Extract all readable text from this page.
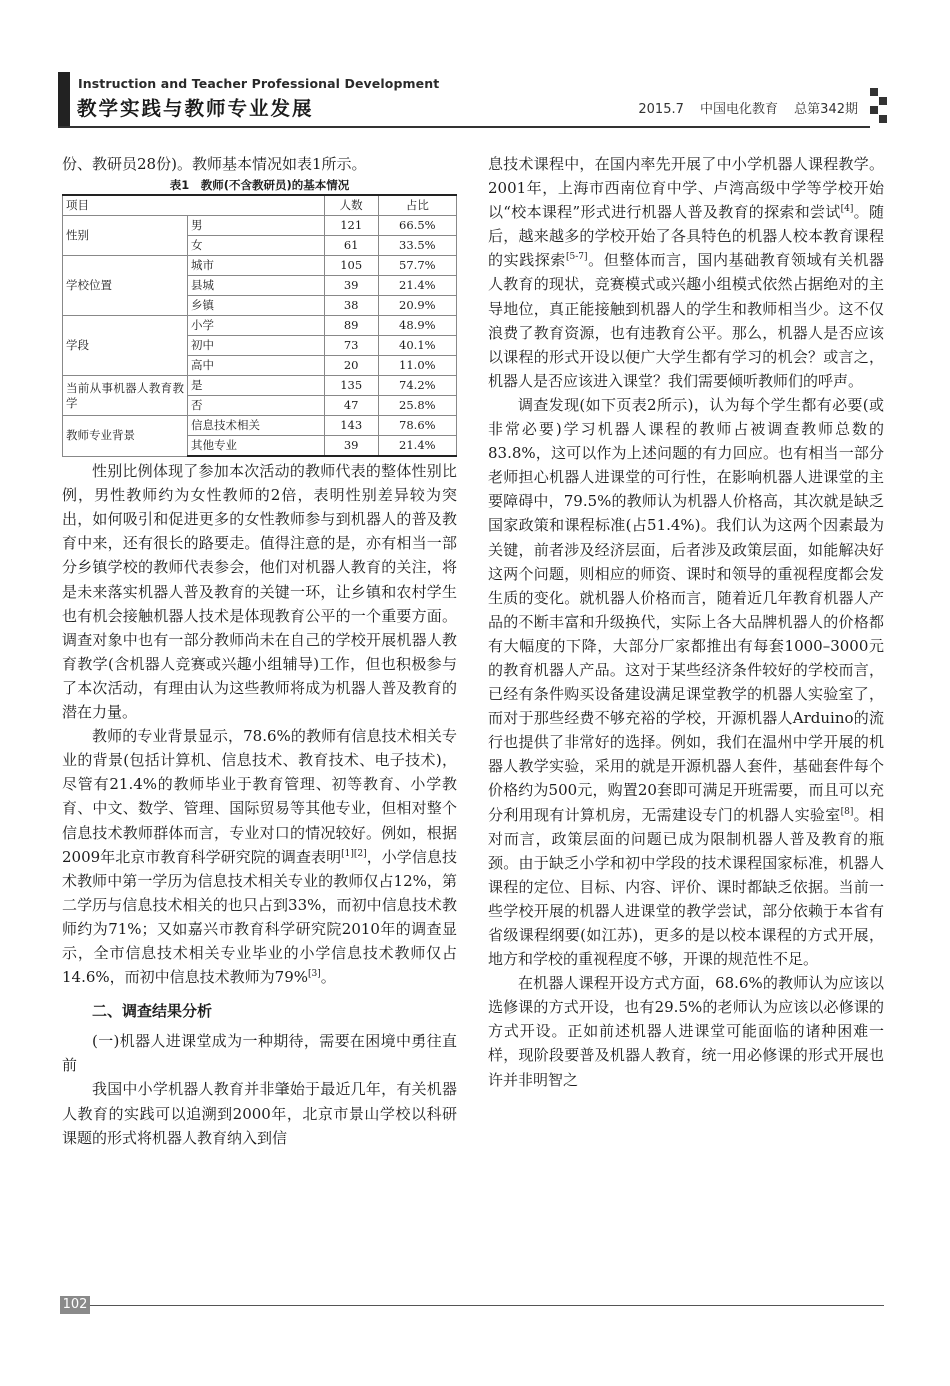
Instruction and Teacher Professional Development
教学实践与教师专业发展	2015.7 中国电化教育 总第342期

份、教研员28份)。教师基本情况如表1所示。

表1　教师(不含教研员)的基本情况

项目		人数	占比
性别	男	121	66.5%
	女	61	33.5%
学校位置	城市	105	57.7%
	县城	39	21.4%
	乡镇	38	20.9%
学段	小学	89	48.9%
	初中	73	40.1%
	高中	20	11.0%
当前从事机器人教育教学	是	135	74.2%
	否	47	25.8%
教师专业背景	信息技术相关	143	78.6%
	其他专业	39	21.4%

性别比例体现了参加本次活动的教师代表的整体性别比例，男性教师约为女性教师的2倍，表明性别差异较为突出，如何吸引和促进更多的女性教师参与到机器人的普及教育中来，还有很长的路要走。值得注意的是，亦有相当一部分乡镇学校的教师代表参会，他们对机器人教育的关注，将是未来落实机器人普及教育的关键一环，让乡镇和农村学生也有机会接触机器人技术是体现教育公平的一个重要方面。调查对象中也有一部分教师尚未在自己的学校开展机器人教育教学(含机器人竞赛或兴趣小组辅导)工作，但也积极参与了本次活动，有理由认为这些教师将成为机器人普及教育的潜在力量。

教师的专业背景显示，78.6%的教师有信息技术相关专业的背景(包括计算机、信息技术、教育技术、电子技术)，尽管有21.4%的教师毕业于教育管理、初等教育、小学教育、中文、数学、管理、国际贸易等其他专业，但相对整个信息技术教师群体而言，专业对口的情况较好。例如，根据2009年北京市教育科学研究院的调查表明[1][2]，小学信息技术教师中第一学历为信息技术相关专业的教师仅占12%，第二学历与信息技术相关的也只占到33%，而初中信息技术教师约为71%；又如嘉兴市教育科学研究院2010年的调查显示，全市信息技术相关专业毕业的小学信息技术教师仅占14.6%，而初中信息技术教师为79%[3]。

二、调查结果分析

(一)机器人进课堂成为一种期待，需要在困境中勇往直前

我国中小学机器人教育并非肇始于最近几年，有关机器人教育的实践可以追溯到2000年，北京市景山学校以科研课题的形式将机器人教育纳入到信

息技术课程中，在国内率先开展了中小学机器人课程教学。2001年，上海市西南位育中学、卢湾高级中学等学校开始以“校本课程”形式进行机器人普及教育的探索和尝试[4]。随后，越来越多的学校开始了各具特色的机器人校本教育课程的实践探索[5-7]。但整体而言，国内基础教育领域有关机器人教育的现状，竞赛模式或兴趣小组模式依然占据绝对的主导地位，真正能接触到机器人的学生和教师相当少。这不仅浪费了教育资源，也有违教育公平。那么，机器人是否应该以课程的形式开设以便广大学生都有学习的机会？或言之，机器人是否应该进入课堂？我们需要倾听教师们的呼声。

调查发现(如下页表2所示)，认为每个学生都有必要(或非常必要)学习机器人课程的教师占被调查教师总数的83.8%，这可以作为上述问题的有力回应。也有相当一部分老师担心机器人进课堂的可行性，在影响机器人进课堂的主要障碍中，79.5%的教师认为机器人价格高，其次就是缺乏国家政策和课程标准(占51.4%)。我们认为这两个因素最为关键，前者涉及经济层面，后者涉及政策层面，如能解决好这两个问题，则相应的师资、课时和领导的重视程度都会发生质的变化。就机器人价格而言，随着近几年教育机器人产品的不断丰富和升级换代，实际上各大品牌机器人的价格都有大幅度的下降，大部分厂家都推出有每套1000–3000元的教育机器人产品。这对于某些经济条件较好的学校而言，已经有条件购买设备建设满足课堂教学的机器人实验室了，而对于那些经费不够充裕的学校，开源机器人Arduino的流行也提供了非常好的选择。例如，我们在温州中学开展的机器人教学实验，采用的就是开源机器人套件，基础套件每个价格约为500元，购置20套即可满足开班需要，而且可以充分利用现有计算机房，无需建设专门的机器人实验室[8]。相对而言，政策层面的问题已成为限制机器人普及教育的瓶颈。由于缺乏小学和初中学段的技术课程国家标准，机器人课程的定位、目标、内容、评价、课时都缺乏依据。当前一些学校开展的机器人进课堂的教学尝试，部分依赖于本省有省级课程纲要(如江苏)，更多的是以校本课程的方式开展，地方和学校的重视程度不够，开课的规范性不足。

在机器人课程开设方式方面，68.6%的教师认为应该以选修课的方式开设，也有29.5%的老师认为应该以必修课的方式开设。正如前述机器人进课堂可能面临的诸种困难一样，现阶段要普及机器人教育，统一用必修课的形式开展也许并非明智之

102
